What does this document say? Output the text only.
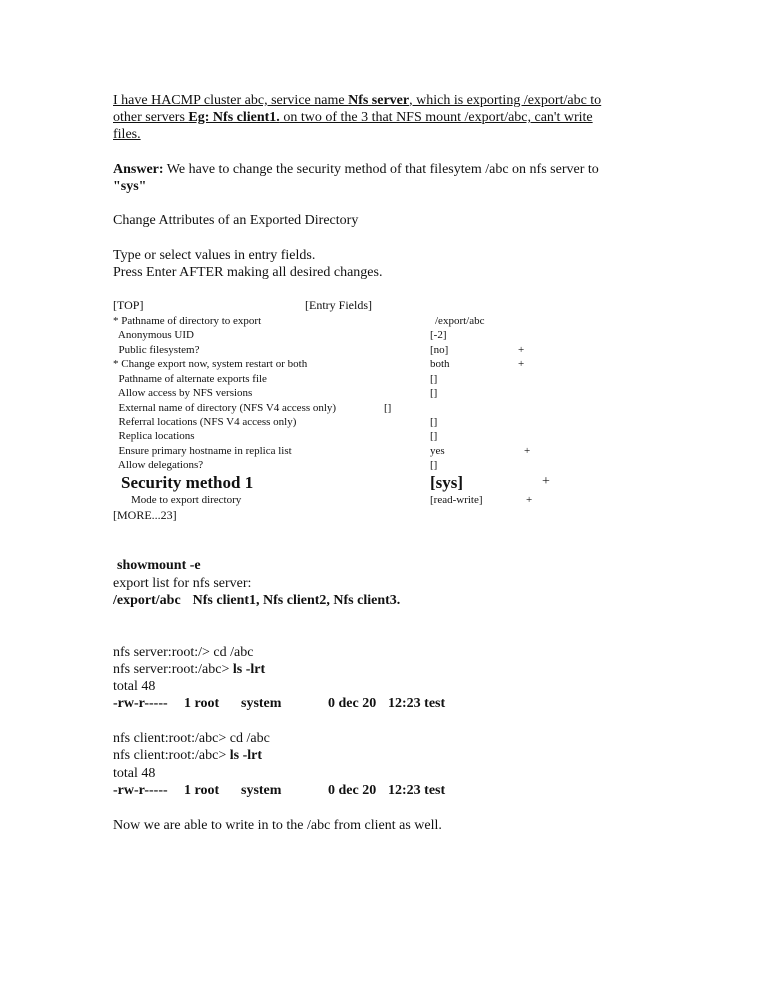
I have HACMP cluster abc, service name Nfs server, which is exporting /export/abc to
other servers Eg: Nfs client1. on two of the 3 that NFS mount /export/abc, can't write
files.
Answer: We have to change the security method of that filesytem /abc on nfs server to
"sys"
Change Attributes of an Exported Directory
Type or select values in entry fields.
Press Enter AFTER making all desired changes.
[TOP]	[Entry Fields]
* Pathname of directory to export	/export/abc
Anonymous UID	[-2]
Public filesystem?	[no]	+
* Change export now, system restart or both	both	+
Pathname of alternate exports file	[]
Allow access by NFS versions	[]
External name of directory (NFS V4 access only)	[]
Referral locations (NFS V4 access only)	[]
Replica locations	[]
Ensure primary hostname in replica list	yes	+
Allow delegations?	[]
Security method 1	[sys]	+
Mode to export directory	[read-write]	+
[MORE...23]
showmount -e
export list for nfs server:
/export/abc Nfs client1, Nfs client2, Nfs client3.
nfs server:root:/> cd /abc
nfs server:root:/abc> ls -lrt
total 48
-rw-r----- 1 root system	0 dec 20 12:23 test
nfs client:root:/abc> cd /abc
nfs client:root:/abc> ls -lrt
total 48
-rw-r----- 1 root system	0 dec 20 12:23 test
Now we are able to write in to the /abc from client as well.
